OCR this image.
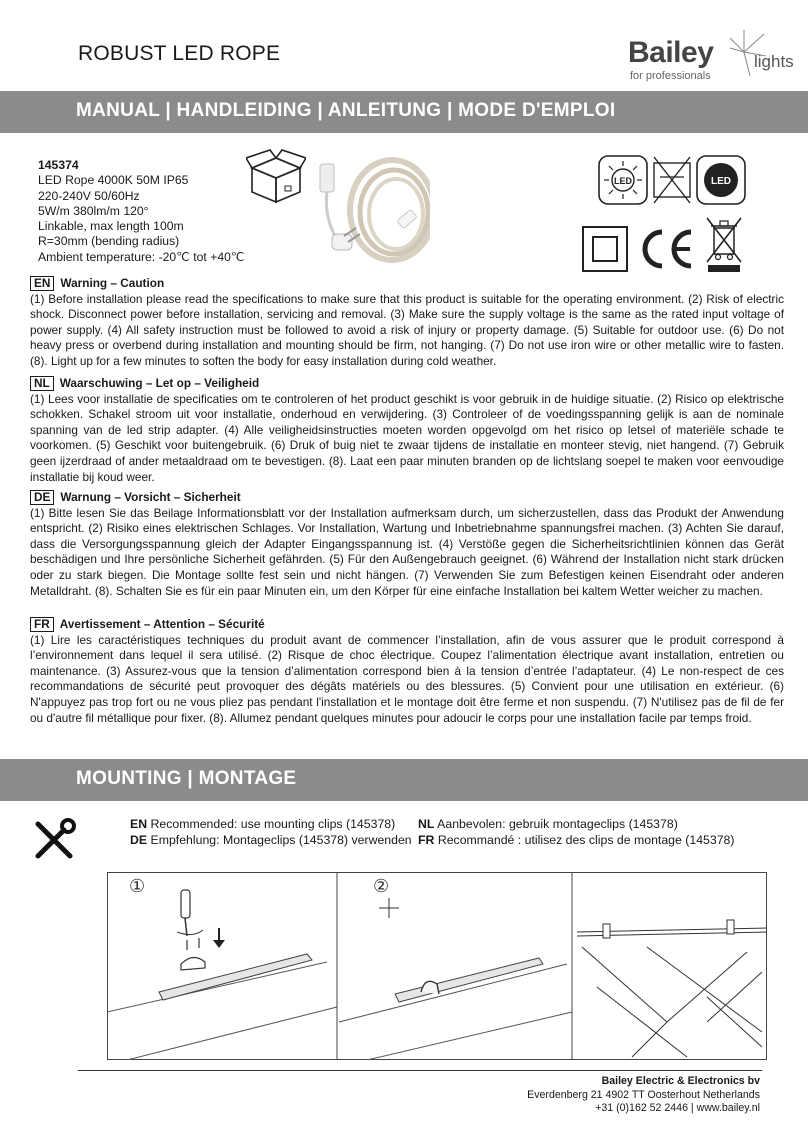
ROBUST LED ROPE	Bailey
for professionals
lights
MANUAL | HANDLEIDING | ANLEITUNG | MODE D'EMPLOI
145374
LED Rope 4000K 50M IP65
220-240V 50/60Hz
5W/m 380lm/m 120°
Linkable, max length 100m
R=30mm (bending radius)
Ambient temperature: -20℃ tot +40℃
LED	LED
CE
EN Warning – Caution
(1) Before installation please read the specifications to make sure that this product is suitable for the operating environment. (2) Risk of electric shock. Disconnect power before installation, servicing and removal. (3) Make sure the supply voltage is the same as the rated input voltage of power supply. (4) All safety instruction must be followed to avoid a risk of injury or property damage. (5) Suitable for outdoor use. (6) Do not heavy press or overbend during installation and mounting should be firm, not hanging. (7) Do not use iron wire or other metallic wire to fasten. (8). Light up for a few minutes to soften the body for easy installation during cold weather.
NL Waarschuwing – Let op – Veiligheid
(1) Lees voor installatie de specificaties om te controleren of het product geschikt is voor gebruik in de huidige situatie. (2) Risico op elektrische schokken. Schakel stroom uit voor installatie, onderhoud en verwijdering. (3) Controleer of de voedingsspanning gelijk is aan de nominale spanning van de led strip adapter. (4) Alle veiligheidsinstructies moeten worden opgevolgd om het risico op letsel of materiële schade te voorkomen. (5) Geschikt voor buitengebruik. (6) Druk of buig niet te zwaar tijdens de installatie en monteer stevig, niet hangend. (7) Gebruik geen ijzerdraad of ander metaaldraad om te bevestigen. (8). Laat een paar minuten branden op de lichtslang soepel te maken voor eenvoudige installatie bij koud weer.
DE Warnung – Vorsicht – Sicherheit
(1) Bitte lesen Sie das Beilage Informationsblatt vor der Installation aufmerksam durch, um sicherzustellen, dass das Produkt der Anwendung entspricht. (2) Risiko eines elektrischen Schlages. Vor Installation, Wartung und Inbetriebnahme spannungsfrei machen. (3) Achten Sie darauf, dass die Versorgungsspannung gleich der Adapter Eingangsspannung ist. (4) Verstöße gegen die Sicherheitsrichtlinien können das Gerät beschädigen und Ihre persönliche Sicherheit gefährden. (5) Für den Außengebrauch geeignet. (6) Während der Installation nicht stark drücken oder zu stark biegen. Die Montage sollte fest sein und nicht hängen. (7) Verwenden Sie zum Befestigen keinen Eisendraht oder anderen Metalldraht. (8). Schalten Sie es für ein paar Minuten ein, um den Körper für eine einfache Installation bei kaltem Wetter weicher zu machen.
FR Avertissement – Attention – Sécurité
(1) Lire les caractéristiques techniques du produit avant de commencer l’installation, afin de vous assurer que le produit correspond à l’environnement dans lequel il sera utilisé. (2) Risque de choc électrique. Coupez l’alimentation électrique avant installation, entretien ou maintenance. (3) Assurez-vous que la tension d’alimentation correspond bien à la tension d’entrée l’adaptateur. (4) Le non-respect de ces recommandations de sécurité peut provoquer des dégâts matériels ou des blessures. (5) Convient pour une utilisation en extérieur. (6) N'appuyez pas trop fort ou ne vous pliez pas pendant l'installation et le montage doit être ferme et non suspendu. (7) N'utilisez pas de fil de fer ou d'autre fil métallique pour fixer. (8). Allumez pendant quelques minutes pour adoucir le corps pour une installation facile par temps froid.
MOUNTING | MONTAGE
EN Recommended: use mounting clips (145378)
DE Empfehlung: Montageclips (145378) verwenden
NL Aanbevolen: gebruik montageclips (145378)
FR Recommandé : utilisez des clips de montage (145378)
①	②
Bailey Electric & Electronics bv
Everdenberg 21 4902 TT Oosterhout Netherlands
+31 (0)162 52 2446 | www.bailey.nl
